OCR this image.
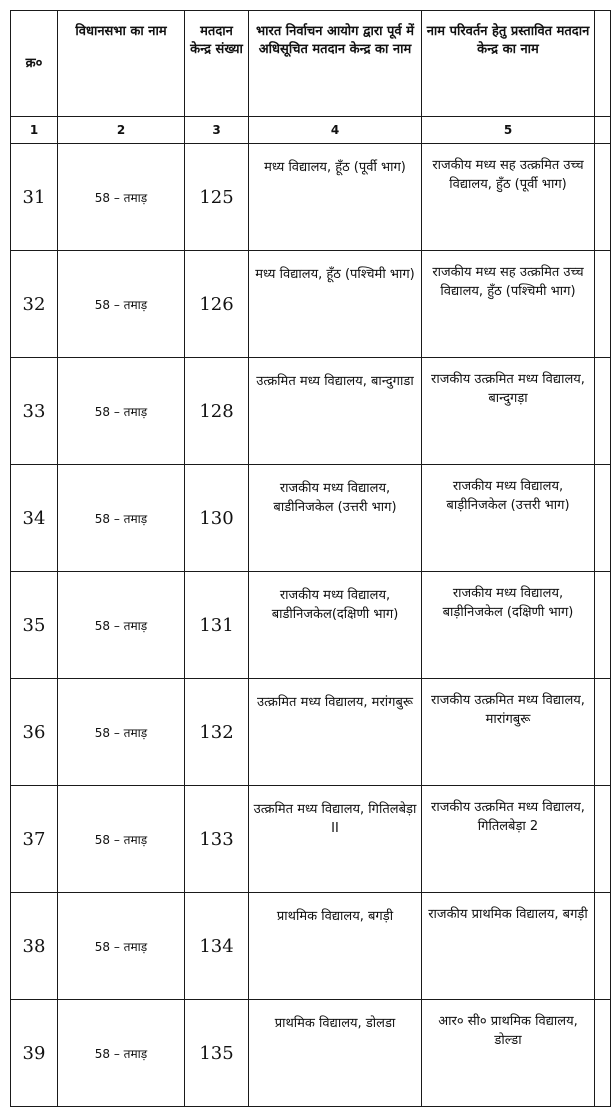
क्र०	विधानसभा का नाम	मतदान केन्द्र संख्या	भारत निर्वाचन आयोग द्वारा पूर्व में अधिसूचित मतदान केन्द्र का नाम	नाम परिवर्तन हेतु प्रस्तावित मतदान केन्द्र का नाम	
1	2	3	4	5	
31	58 – तमाड़	125	मध्य विद्यालय, हूँठ (पूर्वी भाग)	राजकीय मध्य सह उत्क्रमित उच्च विद्यालय, हुँठ (पूर्वी भाग)	
32	58 – तमाड़	126	मध्य विद्यालय, हूँठ (पश्चिमी भाग)	राजकीय मध्य सह उत्क्रमित उच्च विद्यालय, हुँठ (पश्चिमी भाग)	
33	58 – तमाड़	128	उत्क्रमित मध्य विद्यालय, बान्दुगाडा	राजकीय उत्क्रमित मध्य विद्यालय, बान्दुगड़ा	
34	58 – तमाड़	130	राजकीय मध्य विद्यालय, बाडीनिजकेल (उत्तरी भाग)	राजकीय मध्य विद्यालय, बाड़ीनिजकेल (उत्तरी भाग)	
35	58 – तमाड़	131	राजकीय मध्य विद्यालय, बाडीनिजकेल(दक्षिणी भाग)	राजकीय मध्य विद्यालय, बाड़ीनिजकेल (दक्षिणी भाग)	
36	58 – तमाड़	132	उत्क्रमित मध्य विद्यालय, मरांगबुरू	राजकीय उत्क्रमित मध्य विद्यालय, मारांगबुरू	
37	58 – तमाड़	133	उत्क्रमित मध्य विद्यालय, गितिलबेड़ा II	राजकीय उत्क्रमित मध्य विद्यालय, गितिलबेड़ा 2	
38	58 – तमाड़	134	प्राथमिक विद्यालय, बगड़ी	राजकीय प्राथमिक विद्यालय, बगड़ी	
39	58 – तमाड़	135	प्राथमिक विद्यालय, डोलडा	आर० सी० प्राथमिक विद्यालय, डोल्डा	
